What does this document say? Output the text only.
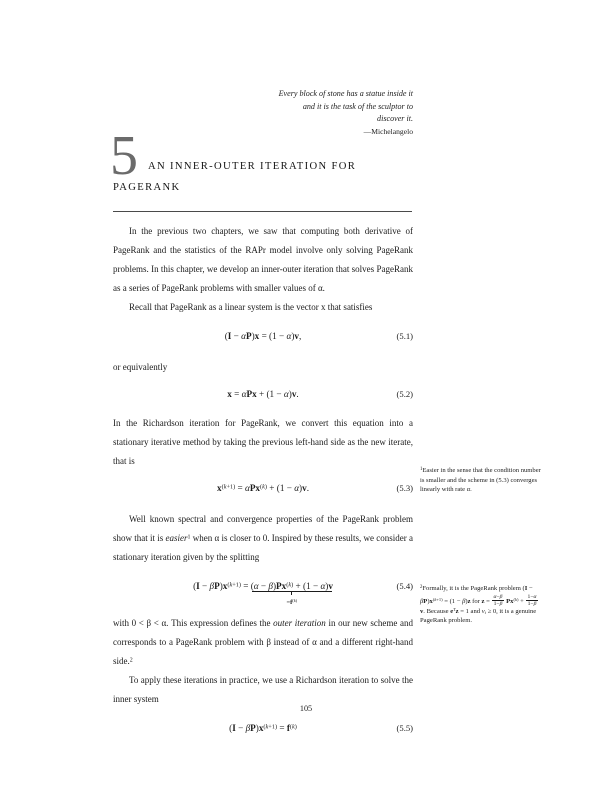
Every block of stone has a statue inside it
and it is the task of the sculptor to
discover it.
—Michelangelo
5 AN INNER-OUTER ITERATION FOR
PAGERANK

In the previous two chapters, we saw that computing both derivative of PageRank and the statistics of the RAPr model involve only solving PageRank problems. In this chapter, we develop an inner-outer iteration that solves PageRank as a series of PageRank problems with smaller values of α.

Recall that PageRank as a linear system is the vector x that satisfies

(I − αP)x = (1 − α)v,	(5.1)

or equivalently

x = αPx + (1 − α)v.	(5.2)

In the Richardson iteration for PageRank, we convert this equation into a stationary iterative method by taking the previous left-hand side as the new iterate, that is

$x^{(k+1)} = \alpha Px^{(k)} + (1 - \alpha)v$.	(5.3)

Well known spectral and convergence properties of the PageRank problem show that it is easier$^1$ when α is closer to 0. Inspired by these results, we consider a stationary iteration given by the splitting

$(I - \beta P)x^{(k+1)} = (\alpha - \beta)Px^{(k)} + (1 - \alpha)v$
$=f^{(k)}$
(5.4)

with 0 < β < α. This expression defines the outer iteration in our new scheme and corresponds to a PageRank problem with β instead of α and a different right-hand side.$^2$

To apply these iterations in practice, we use a Richardson iteration to solve the inner system

$(I - \beta P)x^{(k+1)} = f^{(k)}$	(5.5)
$^1$Easier in the sense that the condition number is smaller and the scheme in (5.3) converges linearly with rate α.
$^2$Formally, it is the PageRank problem $(I - \beta P)x^{(k+1)} = (1 - \beta)z$ for $z = \frac{\alpha-\beta}{1-\beta} Px^{(k)} + \frac{1-\alpha}{1-\beta}$
v. Because $e^Tz = 1$ and $v_i \ge 0$, it is a genuine PageRank problem.
105
